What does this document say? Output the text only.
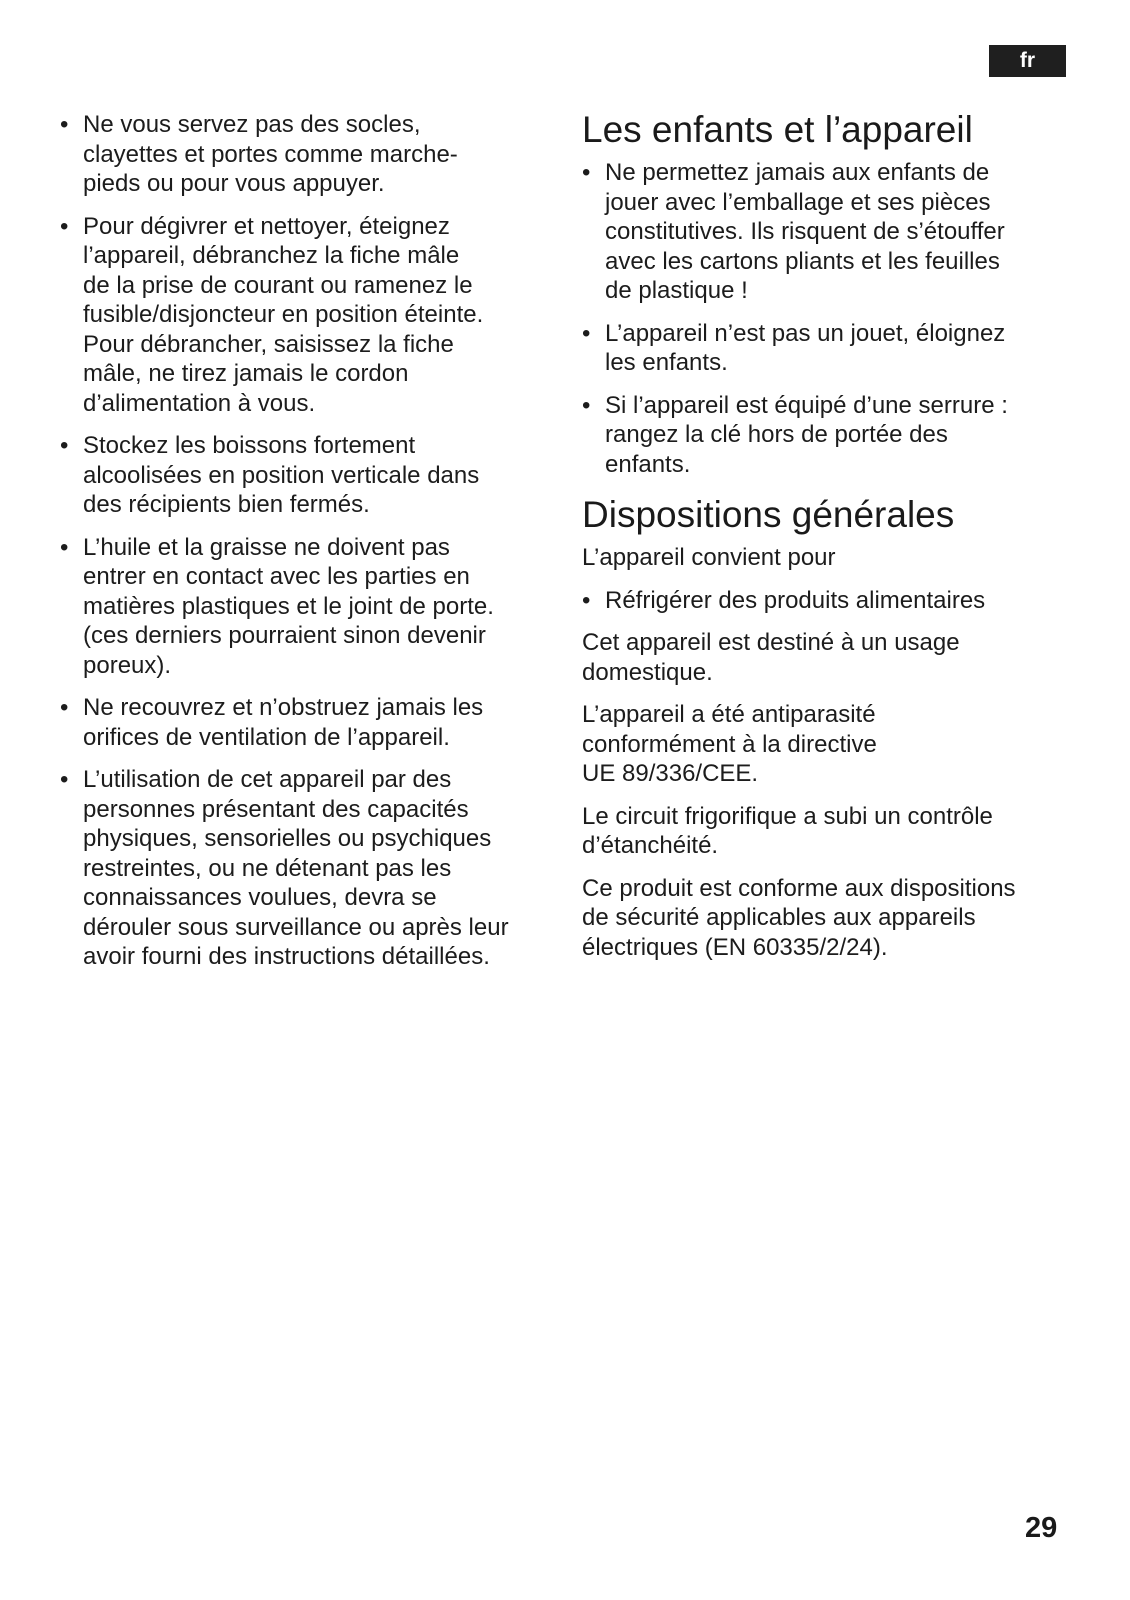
fr
• Ne vous servez pas des socles,
clayettes et portes comme marche-
pieds ou pour vous appuyer.
• Pour dégivrer et nettoyer, éteignez
l’appareil, débranchez la fiche mâle
de la prise de courant ou ramenez le
fusible/disjoncteur en position éteinte.
Pour débrancher, saisissez la fiche
mâle, ne tirez jamais le cordon
d’alimentation à vous.
• Stockez les boissons fortement
alcoolisées en position verticale dans
des récipients bien fermés.
• L’huile et la graisse ne doivent pas
entrer en contact avec les parties en
matières plastiques et le joint de porte.
(ces derniers pourraient sinon devenir
poreux).
• Ne recouvrez et n’obstruez jamais les
orifices de ventilation de l’appareil.
• L’utilisation de cet appareil par des
personnes présentant des capacités
physiques, sensorielles ou psychiques
restreintes, ou ne détenant pas les
connaissances voulues, devra se
dérouler sous surveillance ou après leur
avoir fourni des instructions détaillées.
Les enfants et l’appareil
• Ne permettez jamais aux enfants de
jouer avec l’emballage et ses pièces
constitutives. Ils risquent de s’étouffer
avec les cartons pliants et les feuilles
de plastique !
• L’appareil n’est pas un jouet, éloignez
les enfants.
• Si l’appareil est équipé d’une serrure :
rangez la clé hors de portée des
enfants.
Dispositions générales

L’appareil convient pour

• Réfrigérer des produits alimentaires

Cet appareil est destiné à un usage
domestique.

L’appareil a été antiparasité
conformément à la directive
UE 89/336/CEE.

Le circuit frigorifique a subi un contrôle
d’étanchéité.

Ce produit est conforme aux dispositions
de sécurité applicables aux appareils
électriques (EN 60335/2/24).

29
